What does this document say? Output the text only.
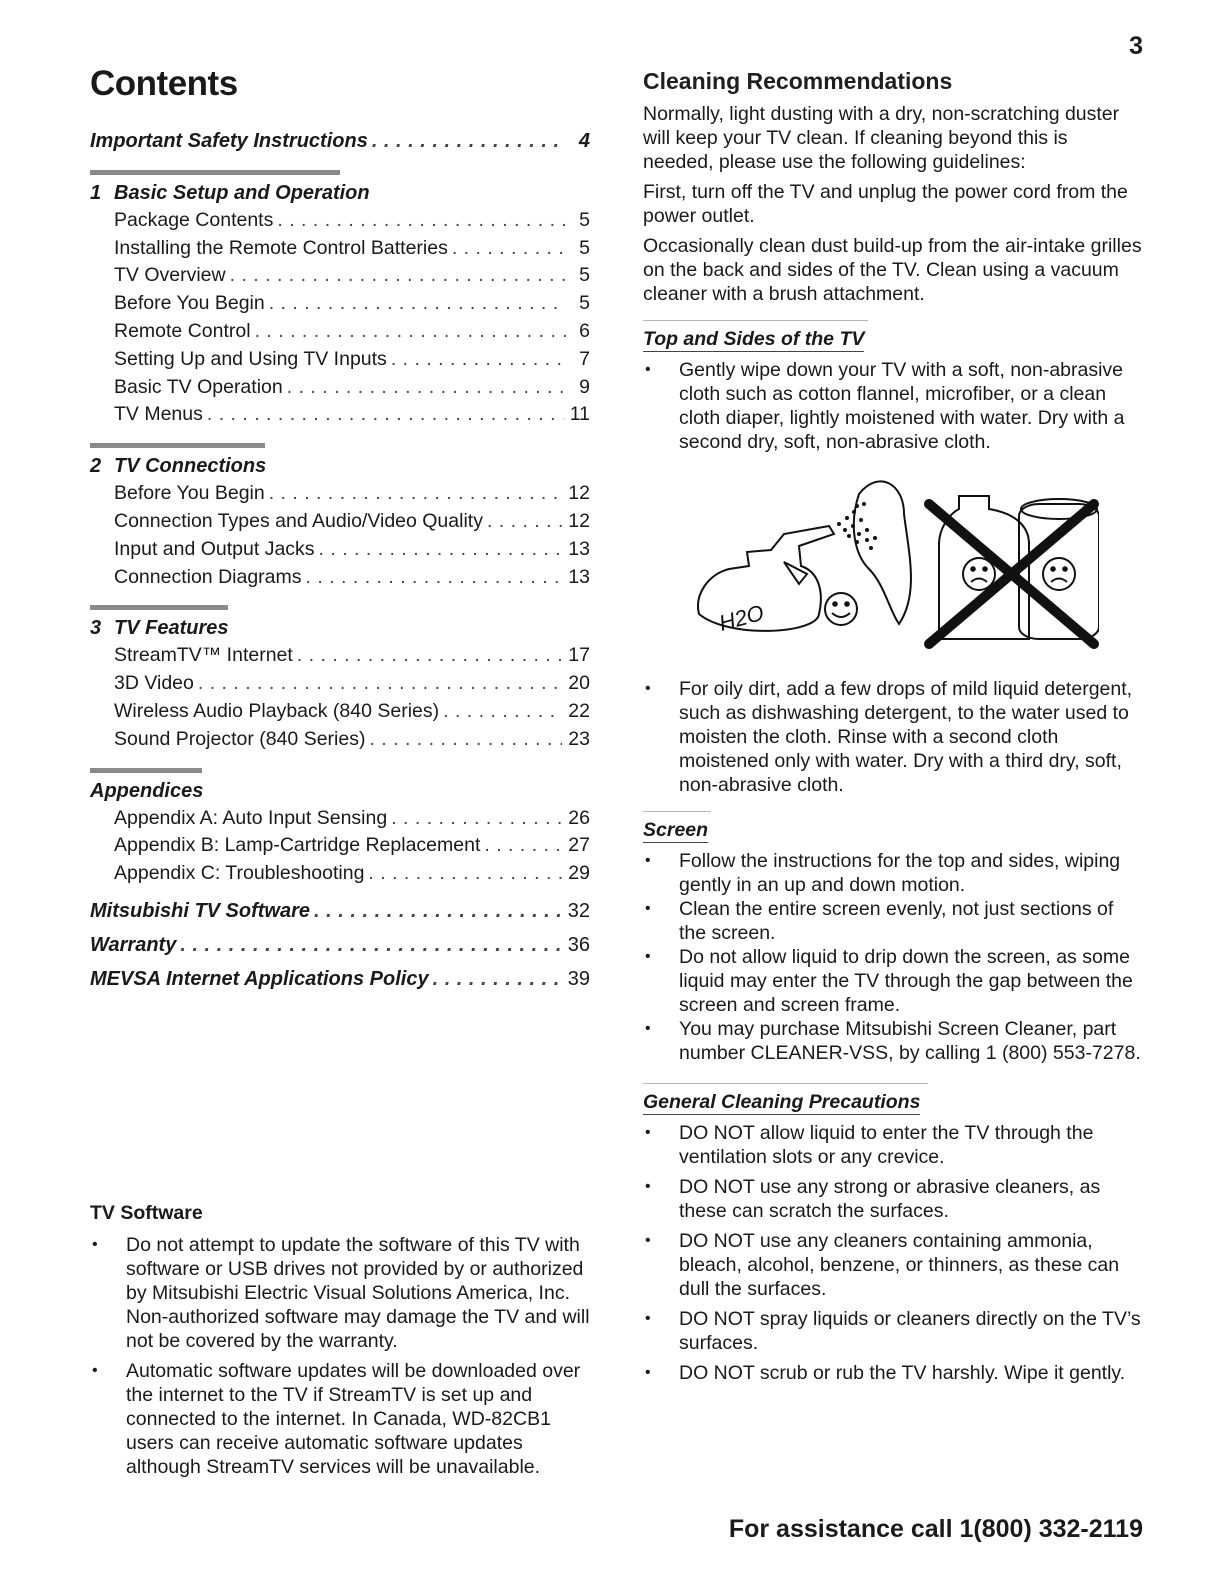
3
Contents
Important Safety Instructions . . .	4
1 Basic Setup and Operation
Package Contents . . .	5
Installing the Remote Control Batteries . . .	5
TV Overview . . .	5
Before You Begin . . .	5
Remote Control . . .	6
Setting Up and Using TV Inputs . . .	7
Basic TV Operation . . .	9
TV Menus . . .	11
2 TV Connections
Before You Begin . . .	12
Connection Types and Audio/Video Quality . . .	12
Input and Output Jacks . . .	13
Connection Diagrams . . .	13
3 TV Features
StreamTV™ Internet . . .	17
3D Video . . .	20
Wireless Audio Playback (840 Series) . . .	22
Sound Projector (840 Series) . . .	23
Appendices
Appendix A: Auto Input Sensing . . .	26
Appendix B: Lamp-Cartridge Replacement . . .	27
Appendix C: Troubleshooting . . .	29
Mitsubishi TV Software . . .	32
Warranty . . .	36
MEVSA Internet Applications Policy . . .	39
TV Software
• Do not attempt to update the software of this TV with software or USB drives not provided by or authorized by Mitsubishi Electric Visual Solutions America, Inc. Non-authorized software may damage the TV and will not be covered by the warranty.
• Automatic software updates will be downloaded over the internet to the TV if StreamTV is set up and connected to the internet. In Canada, WD-82CB1 users can receive automatic software updates although StreamTV services will be unavailable.
Cleaning Recommendations

Normally, light dusting with a dry, non-scratching duster will keep your TV clean. If cleaning beyond this is needed, please use the following guidelines:

First, turn off the TV and unplug the power cord from the power outlet.

Occasionally clean dust build-up from the air-intake grilles on the back and sides of the TV. Clean using a vacuum cleaner with a brush attachment.

Top and Sides of the TV
• Gently wipe down your TV with a soft, non-abrasive cloth such as cotton flannel, microfiber, or a clean cloth diaper, lightly moistened with water. Dry with a second dry, soft, non-abrasive cloth.
H2O
• For oily dirt, add a few drops of mild liquid detergent, such as dishwashing detergent, to the water used to moisten the cloth. Rinse with a second cloth moistened only with water. Dry with a third dry, soft, non-abrasive cloth.
Screen
• Follow the instructions for the top and sides, wiping gently in an up and down motion.
• Clean the entire screen evenly, not just sections of the screen.
• Do not allow liquid to drip down the screen, as some liquid may enter the TV through the gap between the screen and screen frame.
• You may purchase Mitsubishi Screen Cleaner, part number CLEANER-VSS, by calling 1 (800) 553-7278.
General Cleaning Precautions
• DO NOT allow liquid to enter the TV through the ventilation slots or any crevice.
• DO NOT use any strong or abrasive cleaners, as these can scratch the surfaces.
• DO NOT use any cleaners containing ammonia, bleach, alcohol, benzene, or thinners, as these can dull the surfaces.
• DO NOT spray liquids or cleaners directly on the TV’s surfaces.
• DO NOT scrub or rub the TV harshly. Wipe it gently.
For assistance call 1(800) 332-2119
